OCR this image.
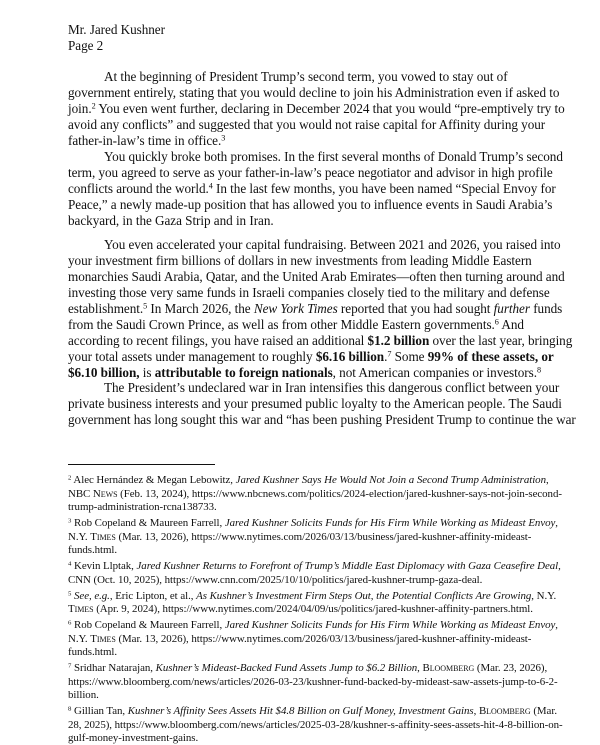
Mr. Jared Kushner
Page 2
At the beginning of President Trump’s second term, you vowed to stay out of
government entirely, stating that you would decline to join his Administration even if asked to
join.$^2$ You even went further, declaring in December 2024 that you would “pre-emptively try to
avoid any conflicts” and suggested that you would not raise capital for Affinity during your
father-in-law’s time in office.$^3$
You quickly broke both promises. In the first several months of Donald Trump’s second
term, you agreed to serve as your father-in-law’s peace negotiator and advisor in high profile
conflicts around the world.$^4$ In the last few months, you have been named “Special Envoy for
Peace,” a newly made-up position that has allowed you to influence events in Saudi Arabia’s
backyard, in the Gaza Strip and in Iran.
You even accelerated your capital fundraising. Between 2021 and 2026, you raised into
your investment firm billions of dollars in new investments from leading Middle Eastern
monarchies Saudi Arabia, Qatar, and the United Arab Emirates—often then turning around and
investing those very same funds in Israeli companies closely tied to the military and defense
establishment.$^5$ In March 2026, the New York Times reported that you had sought further funds
from the Saudi Crown Prince, as well as from other Middle Eastern governments.$^6$ And
according to recent filings, you have raised an additional $1.2 billion over the last year, bringing
your total assets under management to roughly $6.16 billion.$^7$ Some 99% of these assets, or
$6.10 billion, is attributable to foreign nationals, not American companies or investors.$^8$
The President’s undeclared war in Iran intensifies this dangerous conflict between your
private business interests and your presumed public loyalty to the American people. The Saudi
government has long sought this war and “has been pushing President Trump to continue the war
$^2$ Alec Hernández & Megan Lebowitz, Jared Kushner Says He Would Not Join a Second Trump Administration,
NBC News (Feb. 13, 2024), https://www.nbcnews.com/politics/2024-election/jared-kushner-says-not-join-second-
trump-administration-rcna138733.
$^3$ Rob Copeland & Maureen Farrell, Jared Kushner Solicits Funds for His Firm While Working as Mideast Envoy,
N.Y. Times (Mar. 13, 2026), https://www.nytimes.com/2026/03/13/business/jared-kushner-affinity-mideast-
funds.html.
$^4$ Kevin Llptak, Jared Kushner Returns to Forefront of Trump’s Middle East Diplomacy with Gaza Ceasefire Deal,
CNN (Oct. 10, 2025), https://www.cnn.com/2025/10/10/politics/jared-kushner-trump-gaza-deal.
$^5$ See, e.g., Eric Lipton, et al., As Kushner’s Investment Firm Steps Out, the Potential Conflicts Are Growing, N.Y.
Times (Apr. 9, 2024), https://www.nytimes.com/2024/04/09/us/politics/jared-kushner-affinity-partners.html.
$^6$ Rob Copeland & Maureen Farrell, Jared Kushner Solicits Funds for His Firm While Working as Mideast Envoy,
N.Y. Times (Mar. 13, 2026), https://www.nytimes.com/2026/03/13/business/jared-kushner-affinity-mideast-
funds.html.
$^7$ Sridhar Natarajan, Kushner’s Mideast-Backed Fund Assets Jump to $6.2 Billion, Bloomberg (Mar. 23, 2026),
https://www.bloomberg.com/news/articles/2026-03-23/kushner-fund-backed-by-mideast-saw-assets-jump-to-6-2-
billion.
$^8$ Gillian Tan, Kushner’s Affinity Sees Assets Hit $4.8 Billion on Gulf Money, Investment Gains, Bloomberg (Mar.
28, 2025), https://www.bloomberg.com/news/articles/2025-03-28/kushner-s-affinity-sees-assets-hit-4-8-billion-on-
gulf-money-investment-gains.
